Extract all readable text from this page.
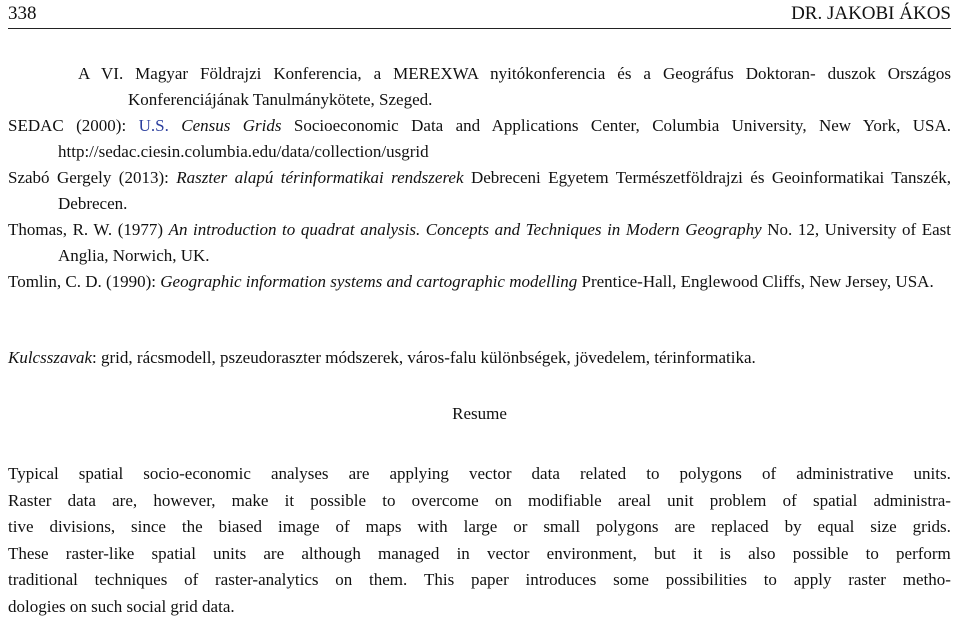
338	DR. JAKOBI ÁKOS
A VI. Magyar Földrajzi Konferencia, a MEREXWA nyitókonferencia és a Geográfus Doktoran- duszok Országos Konferenciájának Tanulmánykötete, Szeged.
SEDAC (2000): U.S. Census Grids Socioeconomic Data and Applications Center, Columbia University, New York, USA. http://sedac.ciesin.columbia.edu/data/collection/usgrid
Szabó Gergely (2013): Raszter alapú térinformatikai rendszerek Debreceni Egyetem Természetföldrajzi és Geoinformatikai Tanszék, Debrecen.
Thomas, R. W. (1977) An introduction to quadrat analysis. Concepts and Techniques in Modern Geography No. 12, University of East Anglia, Norwich, UK.
Tomlin, C. D. (1990): Geographic information systems and cartographic modelling Prentice-Hall, Englewood Cliffs, New Jersey, USA.
Kulcsszavak: grid, rácsmodell, pszeudoraszter módszerek, város-falu különbségek, jövedelem, térinformatika.
Resume
Typical spatial socio-economic analyses are applying vector data related to polygons of administrative units.
Raster data are, however, make it possible to overcome on modifiable areal unit problem of spatial administra-
tive divisions, since the biased image of maps with large or small polygons are replaced by equal size grids.
These raster-like spatial units are although managed in vector environment, but it is also possible to perform
traditional techniques of raster-analytics on them. This paper introduces some possibilities to apply raster metho-
dologies on such social grid data.
